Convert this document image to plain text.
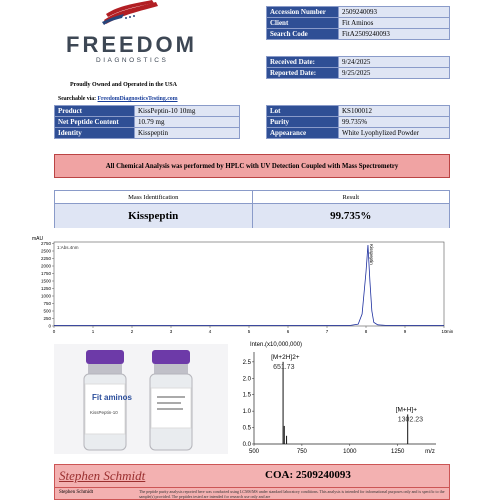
FREEDOM
DIAGNOSTICS
Proudly Owned and Operated in the USA
Searchable via: FreedomDiagnosticsTesting.com
Accession Number	2509240093
Client	Fit Aminos
Search Code	FitA2509240093
Received Date:	9/24/2025
Reported Date:	9/25/2025
Product	KissPeptin-10 10mg
Net Peptide Content	10.79 mg
Identity	Kisspeptin
Lot	KS100012
Purity	99.735%
Appearance	White Lyophylized Powder
All Chemical Analysis was performed by HPLC with UV Detection Coupled with Mass Spectrometry
Mass Identification	Result
Kisspeptin	99.735%
mAU
1:Abs.4nm
0
250
500
750
1000
1250
1500
1750
2000
2250
2500
2750
0	1	2	3	4	5	6	7	8	9	10 min
Kisspeptin
Fit aminos
KissPeptin-10
Inten.(x10,000,000)
0.0
0.5
1.0
1.5
2.0
2.5
500	750	1000	1250	m/z
[M+2H]2+
651.73
[M+H]+
1302.23
Stephen Schmidt	COA: 2509240093
Stephen Schmidt	The peptide purity analysis reported here was conducted using LCMS/MS under standard laboratory conditions. This analysis is intended for informational purposes only and is specific to the sample(s) provided. The peptides tested are intended for research use only and are
